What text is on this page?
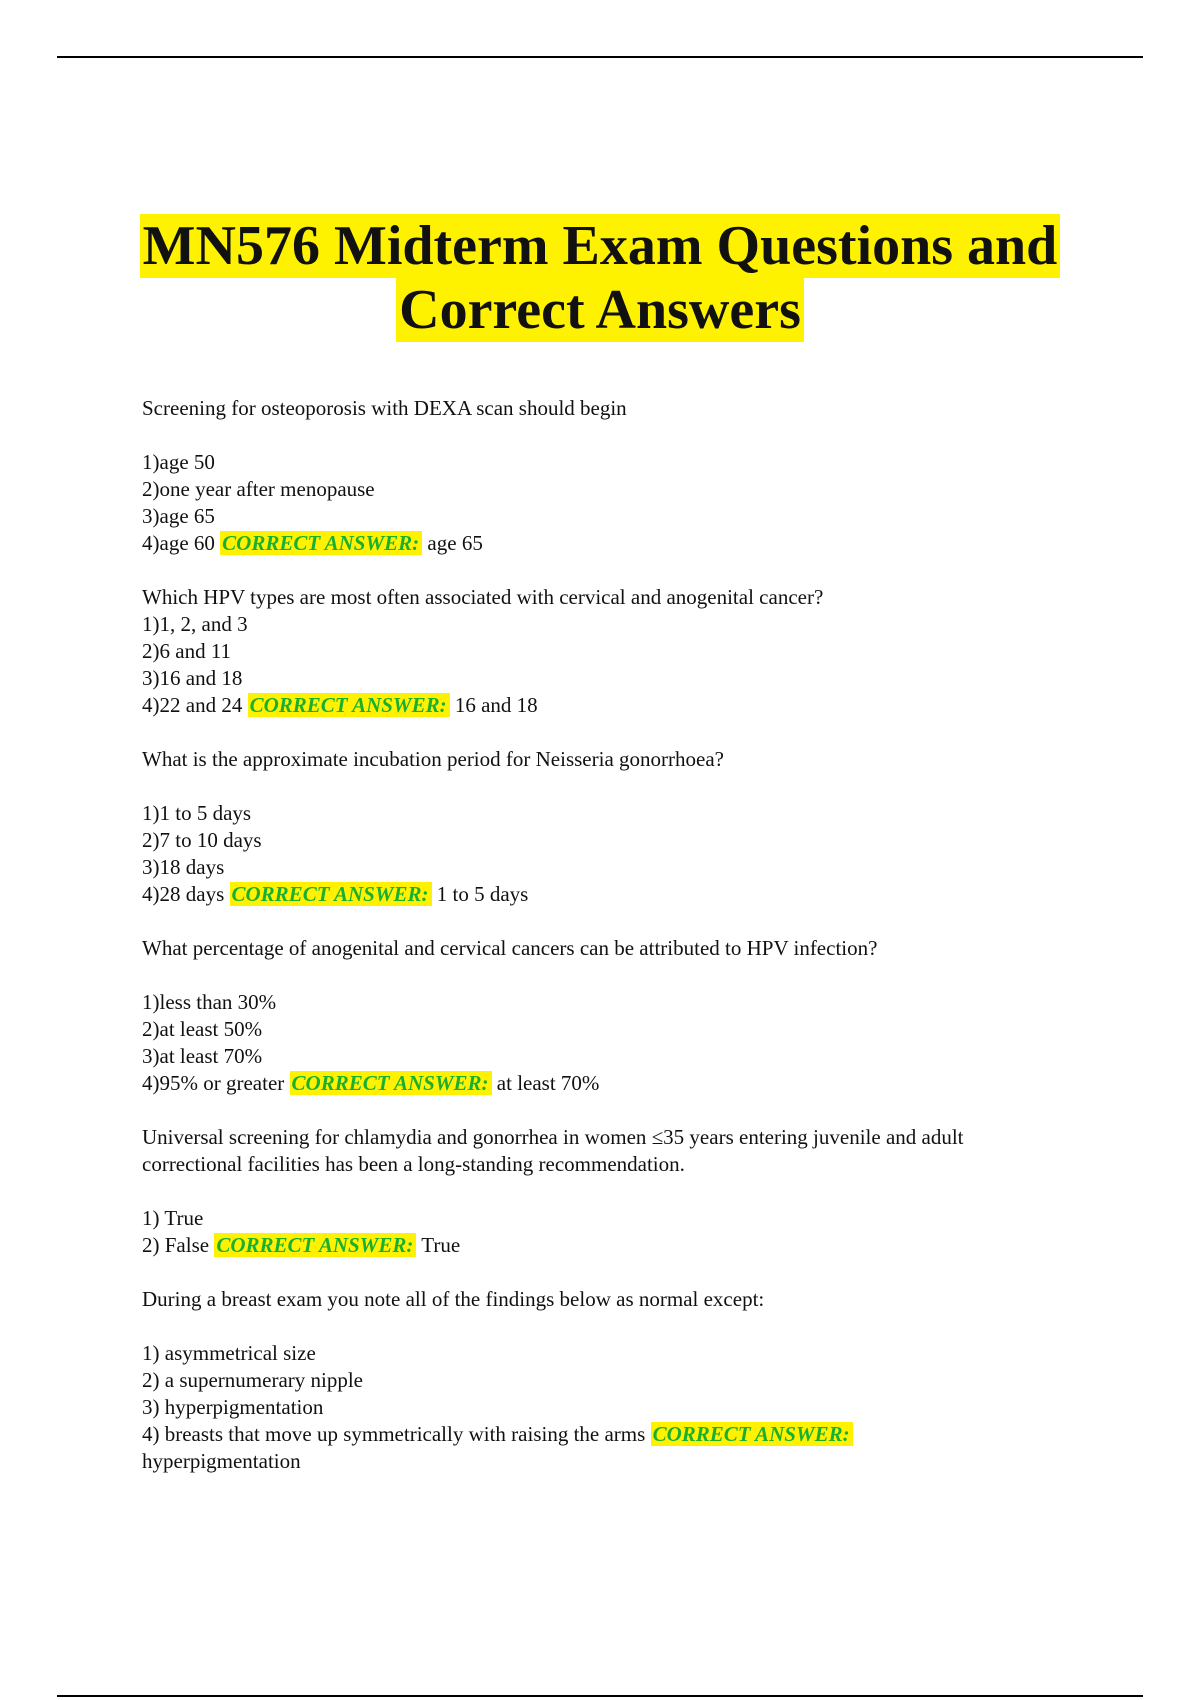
MN576 Midterm Exam Questions and
Correct Answers

Screening for osteoporosis with DEXA scan should begin

1)age 50

2)one year after menopause

3)age 65

4)age 60 CORRECT ANSWER: age 65

Which HPV types are most often associated with cervical and anogenital cancer?

1)1, 2, and 3

2)6 and 11

3)16 and 18

4)22 and 24 CORRECT ANSWER: 16 and 18

What is the approximate incubation period for Neisseria gonorrhoea?

1)1 to 5 days

2)7 to 10 days

3)18 days

4)28 days CORRECT ANSWER: 1 to 5 days

What percentage of anogenital and cervical cancers can be attributed to HPV infection?

1)less than 30%

2)at least 50%

3)at least 70%

4)95% or greater CORRECT ANSWER: at least 70%

Universal screening for chlamydia and gonorrhea in women ≤35 years entering juvenile and adult correctional facilities has been a long-standing recommendation.

1) True

2) False CORRECT ANSWER: True

During a breast exam you note all of the findings below as normal except:

1) asymmetrical size

2) a supernumerary nipple

3) hyperpigmentation

4) breasts that move up symmetrically with raising the arms CORRECT ANSWER:

hyperpigmentation
